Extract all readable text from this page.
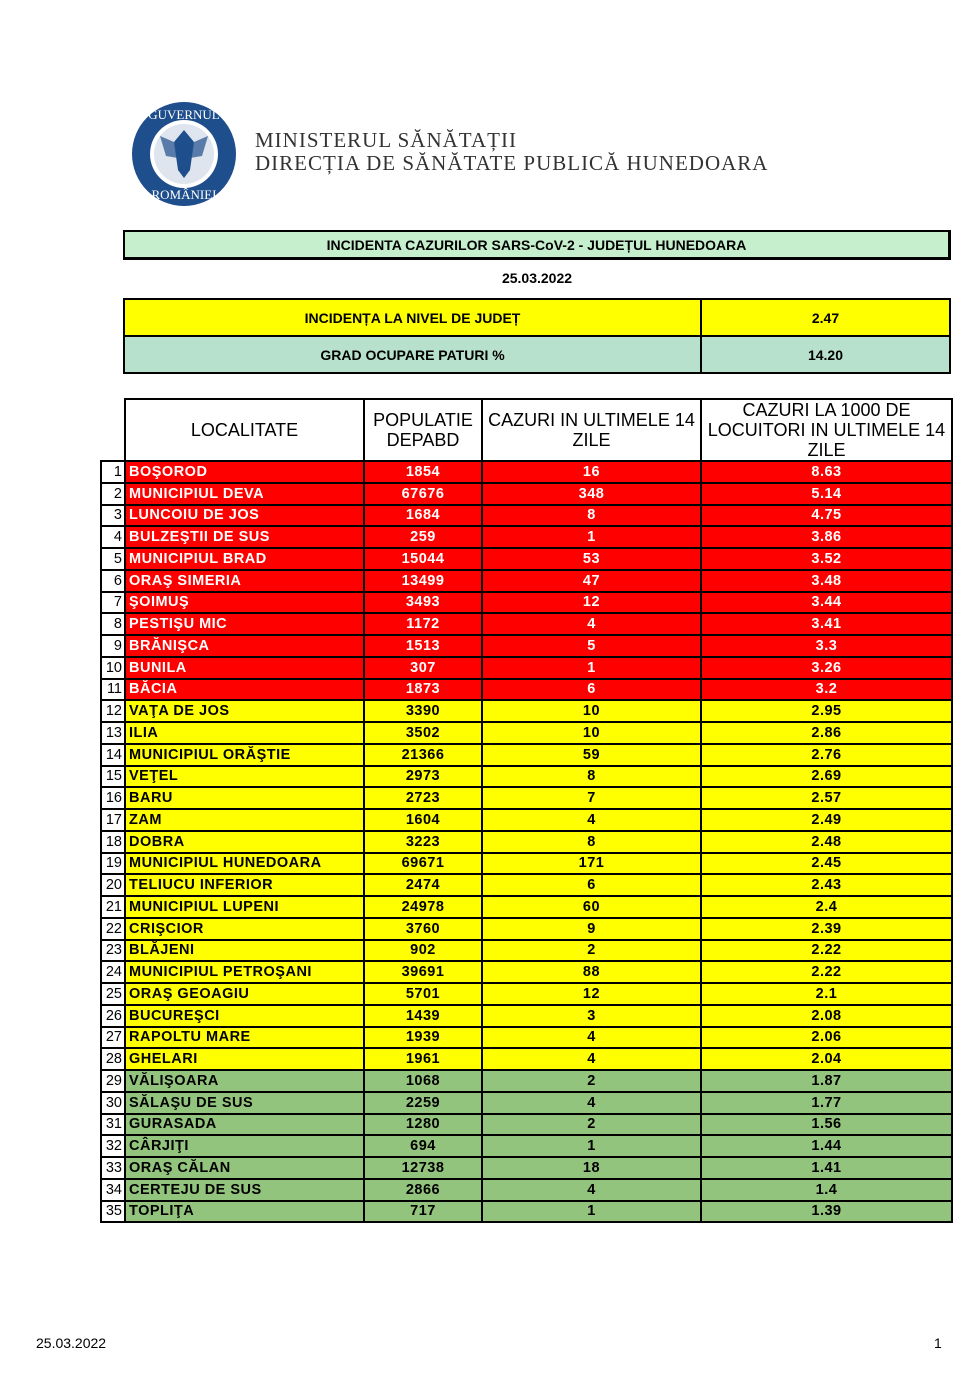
GUVERNUL
ROMÂNIEI
MINISTERUL SĂNĂTAȚII
DIRECȚIA DE SĂNĂTATE PUBLICĂ HUNEDOARA
INCIDENTA CAZURILOR SARS-CoV-2 - JUDEȚUL HUNEDOARA
25.03.2022
INCIDENȚA LA NIVEL DE JUDEȚ	2.47
GRAD OCUPARE PATURI %	14.20
	LOCALITATE	POPULATIE DEPABD	CAZURI IN ULTIMELE 14 ZILE	CAZURI LA 1000 DE LOCUITORI IN ULTIMELE 14 ZILE
1	BOŞOROD	1854	16	8.63
2	MUNICIPIUL DEVA	67676	348	5.14
3	LUNCOIU DE JOS	1684	8	4.75
4	BULZEŞTII DE SUS	259	1	3.86
5	MUNICIPIUL BRAD	15044	53	3.52
6	ORAŞ SIMERIA	13499	47	3.48
7	ŞOIMUŞ	3493	12	3.44
8	PESTIŞU MIC	1172	4	3.41
9	BRĂNIŞCA	1513	5	3.3
10	BUNILA	307	1	3.26
11	BĂCIA	1873	6	3.2
12	VAŢA DE JOS	3390	10	2.95
13	ILIA	3502	10	2.86
14	MUNICIPIUL ORĂŞTIE	21366	59	2.76
15	VEŢEL	2973	8	2.69
16	BARU	2723	7	2.57
17	ZAM	1604	4	2.49
18	DOBRA	3223	8	2.48
19	MUNICIPIUL HUNEDOARA	69671	171	2.45
20	TELIUCU INFERIOR	2474	6	2.43
21	MUNICIPIUL LUPENI	24978	60	2.4
22	CRIŞCIOR	3760	9	2.39
23	BLĂJENI	902	2	2.22
24	MUNICIPIUL PETROŞANI	39691	88	2.22
25	ORAŞ GEOAGIU	5701	12	2.1
26	BUCUREŞCI	1439	3	2.08
27	RAPOLTU MARE	1939	4	2.06
28	GHELARI	1961	4	2.04
29	VĂLIŞOARA	1068	2	1.87
30	SĂLAŞU DE SUS	2259	4	1.77
31	GURASADA	1280	2	1.56
32	CÂRJIŢI	694	1	1.44
33	ORAŞ CĂLAN	12738	18	1.41
34	CERTEJU DE SUS	2866	4	1.4
35	TOPLIŢA	717	1	1.39
25.03.2022	1
